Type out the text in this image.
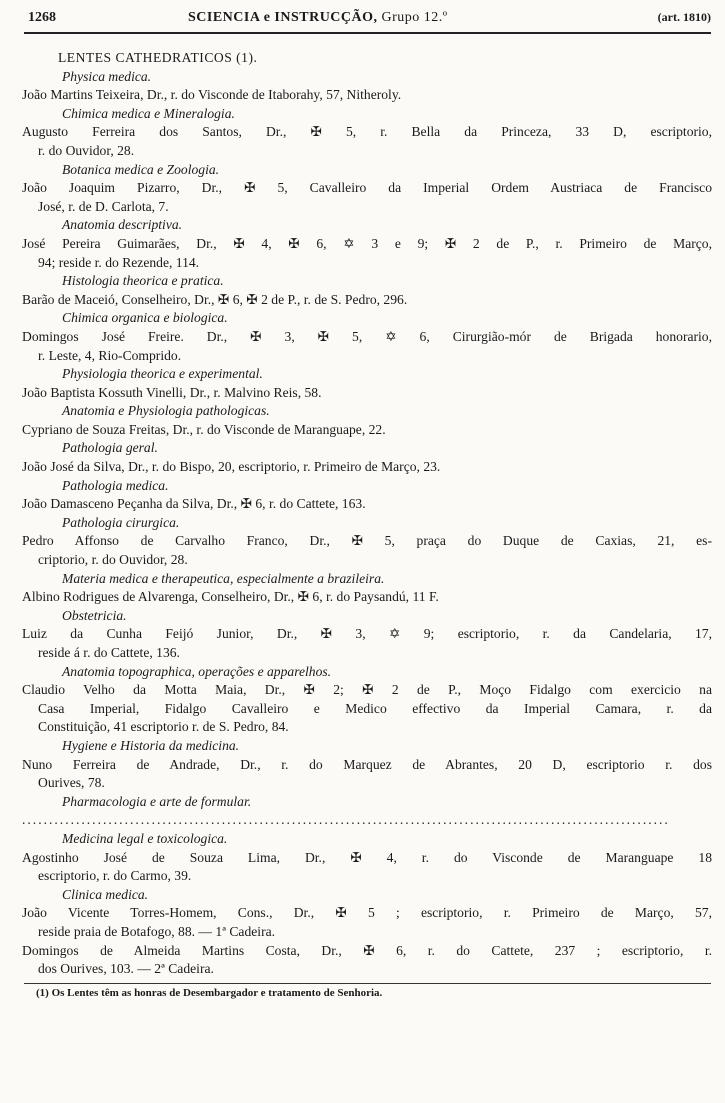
1268	SCIENCIA e INSTRUCÇÃO, Grupo 12.º	(art. 1810)
LENTES CATHEDRATICOS (1).
Physica medica.
João Martins Teixeira, Dr., r. do Visconde de Itaborahy, 57, Nitheroly.
Chimica medica e Mineralogia.
Augusto Ferreira dos Santos, Dr., ✠ 5, r. Bella da Princeza, 33 D, escriptorio,
r. do Ouvidor, 28.
Botanica medica e Zoologia.
João Joaquim Pizarro, Dr., ✠ 5, Cavalleiro da Imperial Ordem Austriaca de Francisco
José, r. de D. Carlota, 7.
Anatomia descriptiva.
José Pereira Guimarães, Dr., ✠ 4, ✠ 6, ✡ 3 e 9; ✠ 2 de P., r. Primeiro de Março,
94; reside r. do Rezende, 114.
Histologia theorica e pratica.
Barão de Maceió, Conselheiro, Dr., ✠ 6, ✠ 2 de P., r. de S. Pedro, 296.
Chimica organica e biologica.
Domingos José Freire. Dr., ✠ 3, ✠ 5, ✡ 6, Cirurgião-mór de Brigada honorario,
r. Leste, 4, Rio-Comprido.
Physiologia theorica e experimental.
João Baptista Kossuth Vinelli, Dr., r. Malvino Reis, 58.
Anatomia e Physiologia pathologicas.
Cypriano de Souza Freitas, Dr., r. do Visconde de Maranguape, 22.
Pathologia geral.
João José da Silva, Dr., r. do Bispo, 20, escriptorio, r. Primeiro de Março, 23.
Pathologia medica.
João Damasceno Peçanha da Silva, Dr., ✠ 6, r. do Cattete, 163.
Pathologia cirurgica.
Pedro Affonso de Carvalho Franco, Dr., ✠ 5, praça do Duque de Caxias, 21, es-
criptorio, r. do Ouvidor, 28.
Materia medica e therapeutica, especialmente a brazileira.
Albino Rodrigues de Alvarenga, Conselheiro, Dr., ✠ 6, r. do Paysandú, 11 F.
Obstetricia.
Luiz da Cunha Feijó Junior, Dr., ✠ 3, ✡ 9; escriptorio, r. da Candelaria, 17,
reside á r. do Cattete, 136.
Anatomia topographica, operações e apparelhos.
Claudio Velho da Motta Maia, Dr., ✠ 2; ✠ 2 de P., Moço Fidalgo com exercicio na
Casa Imperial, Fidalgo Cavalleiro e Medico effectivo da Imperial Camara, r. da
Constituição, 41 escriptorio r. de S. Pedro, 84.
Hygiene e Historia da medicina.
Nuno Ferreira de Andrade, Dr., r. do Marquez de Abrantes, 20 D, escriptorio r. dos
Ourives, 78.
Pharmacologia e arte de formular.
........................................................................................................................
Medicina legal e toxicologica.
Agostinho José de Souza Lima, Dr., ✠ 4, r. do Visconde de Maranguape 18
escriptorio, r. do Carmo, 39.
Clinica medica.
João Vicente Torres-Homem, Cons., Dr., ✠ 5 ; escriptorio, r. Primeiro de Março, 57,
reside praia de Botafogo, 88. — 1ª Cadeira.
Domingos de Almeida Martins Costa, Dr., ✠ 6, r. do Cattete, 237 ; escriptorio, r.
dos Ourives, 103. — 2ª Cadeira.
(1) Os Lentes têm as honras de Desembargador e tratamento de Senhoria.
